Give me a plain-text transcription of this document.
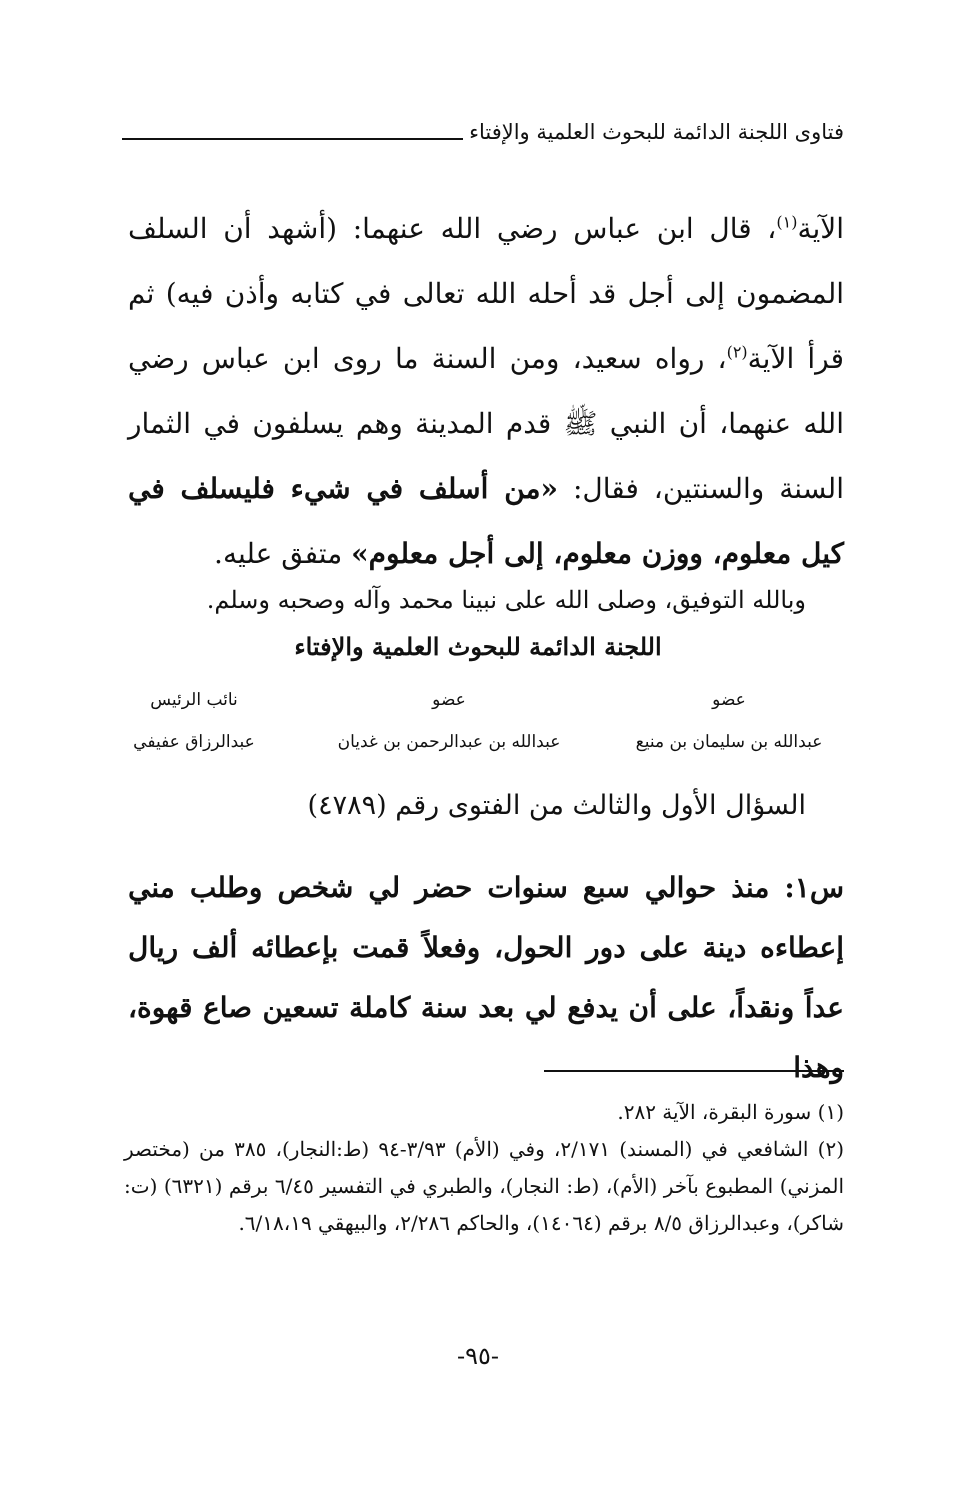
فتاوى اللجنة الدائمة للبحوث العلمية والإفتاء

الآية$^{(١)}$، قال ابن عباس رضي الله عنهما: (أشهد أن السلف المضمون إلى أجل قد أحله الله تعالى في كتابه وأذن فيه) ثم قرأ الآية$^{(٢)}$، رواه سعيد، ومن السنة ما روى ابن عباس رضي الله عنهما، أن النبي ﷺ قدم المدينة وهم يسلفون في الثمار السنة والسنتين، فقال: «من أسلف في شيء فليسلف في كيل معلوم، ووزن معلوم، إلى أجل معلوم» متفق عليه.

وبالله التوفيق، وصلى الله على نبينا محمد وآله وصحبه وسلم.
اللجنة الدائمة للبحوث العلمية والإفتاء
عضو
عبدالله بن سليمان بن منيع
عضو
عبدالله بن عبدالرحمن بن غديان
نائب الرئيس
عبدالرزاق عفيفي
السؤال الأول والثالث من الفتوى رقم (٤٧٨٩)

س١: منذ حوالي سبع سنوات حضر لي شخص وطلب مني إعطاءه دينة على دور الحول، وفعلاً قمت بإعطائه ألف ريال عداً ونقداً، على أن يدفع لي بعد سنة كاملة تسعين صاع قهوة، وهذا

(١) سورة البقرة، الآية ٢٨٢.

(٢) الشافعي في (المسند) ٢/١٧١، وفي (الأم) ٣/٩٣-٩٤ (ط:النجار)، ٣٨٥ من (مختصر المزني) المطبوع بآخر (الأم)، (ط: النجار)، والطبري في التفسير ٦/٤٥ برقم (٦٣٢١) (ت: شاكر)، وعبدالرزاق ٨/٥ برقم (١٤٠٦٤)، والحاكم ٢/٢٨٦، والبيهقي ٦/١٨،١٩.

-٩٥-
